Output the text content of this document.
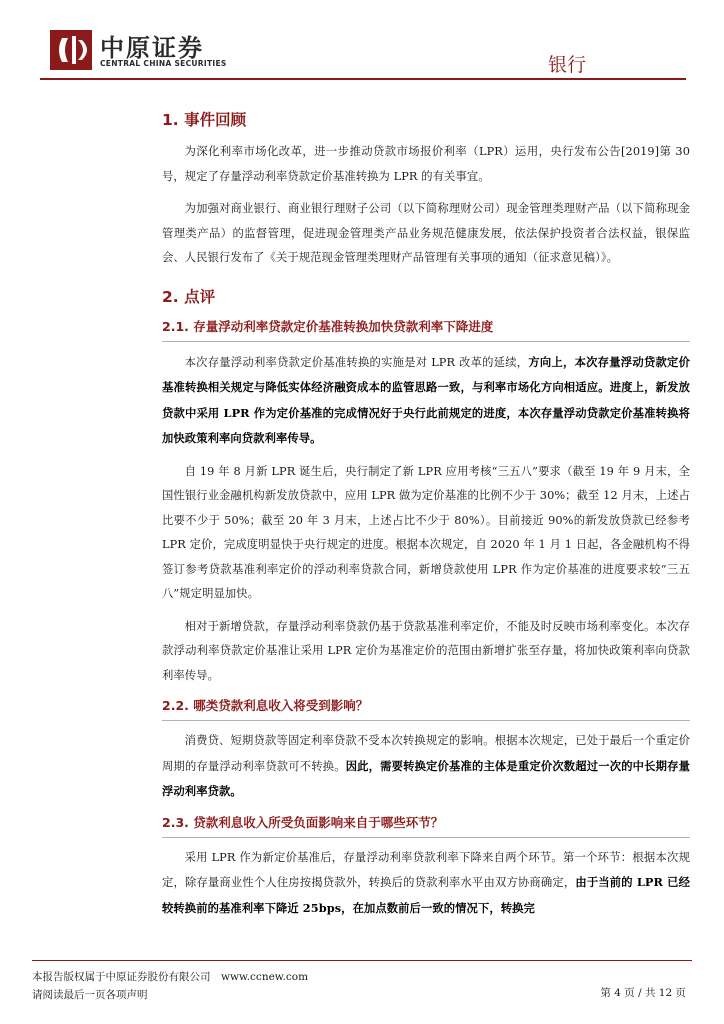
中原证券
CENTRAL CHINA SECURITIES	银行
1. 事件回顾

为深化利率市场化改革，进一步推动贷款市场报价利率（LPR）运用，央行发布公告[2019]第 30 号，规定了存量浮动利率贷款定价基准转换为 LPR 的有关事宜。

为加强对商业银行、商业银行理财子公司（以下简称理财公司）现金管理类理财产品（以下简称现金管理类产品）的监督管理，促进现金管理类产品业务规范健康发展，依法保护投资者合法权益，银保监会、人民银行发布了《关于规范现金管理类理财产品管理有关事项的通知（征求意见稿）》。

2. 点评
2.1. 存量浮动利率贷款定价基准转换加快贷款利率下降进度

本次存量浮动利率贷款定价基准转换的实施是对 LPR 改革的延续，方向上，本次存量浮动贷款定价基准转换相关规定与降低实体经济融资成本的监管思路一致，与利率市场化方向相适应。进度上，新发放贷款中采用 LPR 作为定价基准的完成情况好于央行此前规定的进度，本次存量浮动贷款定价基准转换将加快政策利率向贷款利率传导。

自 19 年 8 月新 LPR 诞生后，央行制定了新 LPR 应用考核“三五八”要求（截至 19 年 9 月末，全国性银行业金融机构新发放贷款中，应用 LPR 做为定价基准的比例不少于 30%；截至 12 月末，上述占比要不少于 50%；截至 20 年 3 月末，上述占比不少于 80%）。目前接近 90%的新发放贷款已经参考 LPR 定价，完成度明显快于央行规定的进度。根据本次规定，自 2020 年 1 月 1 日起，各金融机构不得签订参考贷款基准利率定价的浮动利率贷款合同，新增贷款使用 LPR 作为定价基准的进度要求较“三五八”规定明显加快。

相对于新增贷款，存量浮动利率贷款仍基于贷款基准利率定价，不能及时反映市场利率变化。本次存款浮动利率贷款定价基准让采用 LPR 定价为基准定价的范围由新增扩张至存量，将加快政策利率向贷款利率传导。

2.2. 哪类贷款利息收入将受到影响？

消费贷、短期贷款等固定利率贷款不受本次转换规定的影响。根据本次规定，已处于最后一个重定价周期的存量浮动利率贷款可不转换。因此，需要转换定价基准的主体是重定价次数超过一次的中长期存量浮动利率贷款。

2.3. 贷款利息收入所受负面影响来自于哪些环节？

采用 LPR 作为新定价基准后，存量浮动利率贷款利率下降来自两个环节。第一个环节：根据本次规定，除存量商业性个人住房按揭贷款外，转换后的贷款利率水平由双方协商确定，由于当前的 LPR 已经较转换前的基准利率下降近 25bps，在加点数前后一致的情况下，转换完

本报告版权属于中原证券股份有限公司　www.ccnew.com
请阅读最后一页各项声明	第 4 页 / 共 12 页
